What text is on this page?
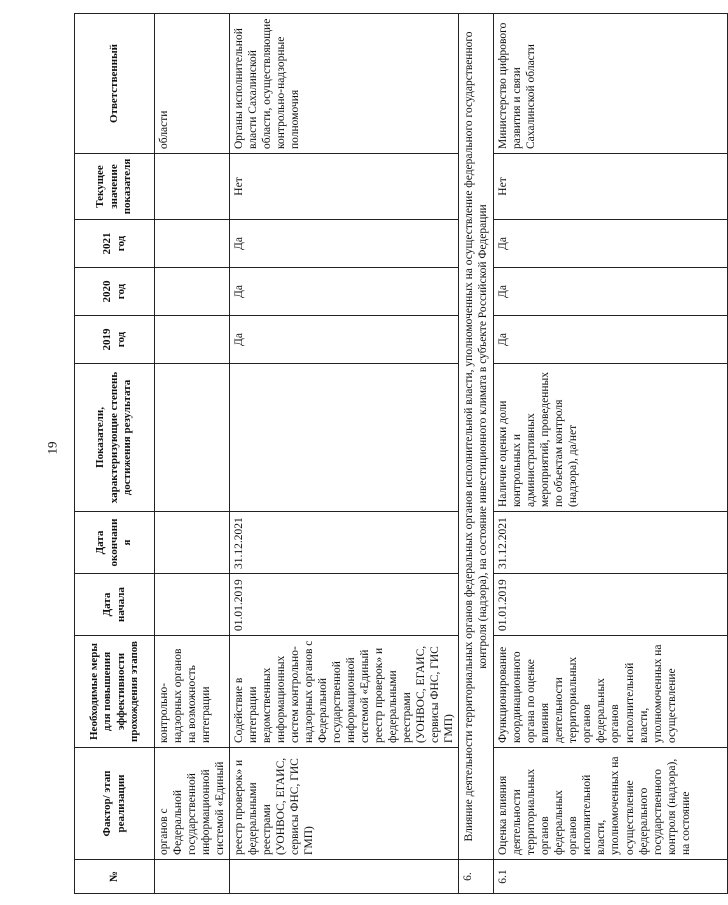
19
№	Фактор/ этап реализации	Необходимые меры для повышения эффективности прохождения этапов	Дата начала	Дата окончания	Показатели, характеризующие степень достижения результата	2019 год	2020 год	2021 год	Текущее значение показателя	Ответственный
	органов с Федеральной государственной информационной системой «Единый	контрольно-надзорных органов на возможность интеграции								области
	реестр проверок» и федеральными реестрами (УОНВОС, ЕГАИС, сервисы ФНС, ГИС ГМП)	Содействие в интеграции ведомственных информационных систем контрольно-надзорных органов с Федеральной государственной информационной системой «Единый реестр проверок» и федеральными реестрами (УОНВОС, ЕГАИС, сервисы ФНС, ГИС ГМП)	01.01.2019	31.12.2021		Да	Да	Да	Нет	Органы исполнительной власти Сахалинской области, осуществляющие контрольно-надзорные полномочия
6.	Влияние деятельности территориальных органов федеральных органов исполнительной власти, уполномоченных на осуществление федерального государственного контроля (надзора), на состояние инвестиционного климата в субъекте Российской Федерации									
6.1	Оценка влияния деятельности территориальных органов федеральных органов исполнительной власти, уполномоченных на осуществление федерального государственного контроля (надзора), на состояние	Функционирование координационного органа по оценке влияния деятельности территориальных органов федеральных органов исполнительной власти, уполномоченных на осуществление	01.01.2019	31.12.2021	Наличие оценки доли контрольных и административных мероприятий, проведенных по объектам контроля (надзора), да/нет	Да	Да	Да	Нет	Министерство цифрового развития и связи Сахалинской области
